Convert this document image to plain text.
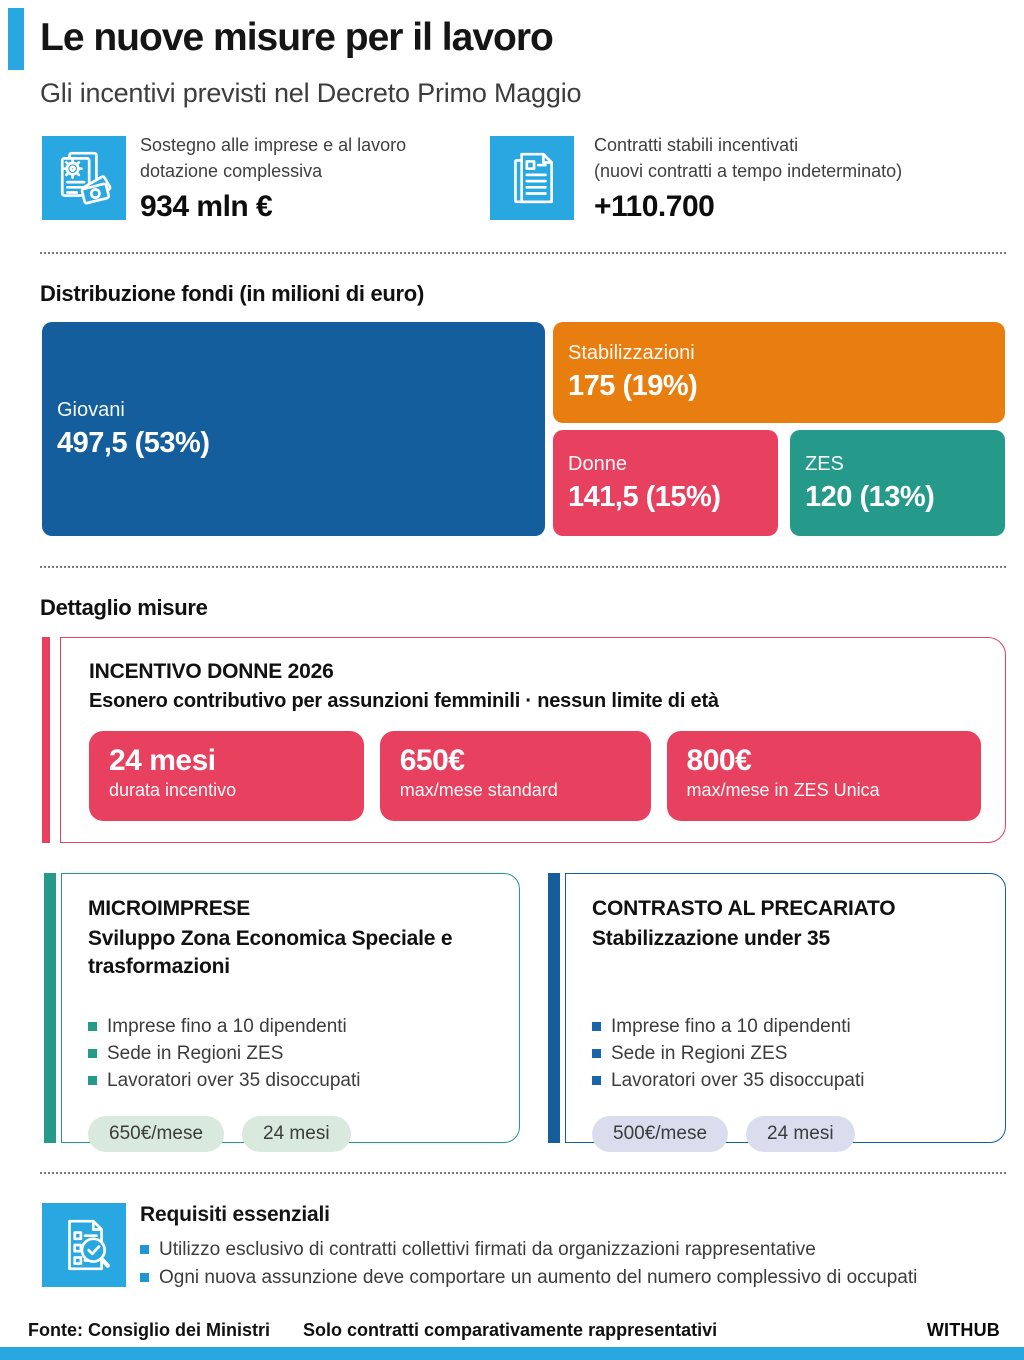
Le nuove misure per il lavoro
Gli incentivi previsti nel Decreto Primo Maggio
Sostegno alle imprese e al lavoro
dotazione complessiva
934 mln €
Contratti stabili incentivati
(nuovi contratti a tempo indeterminato)
+110.700
Distribuzione fondi (in milioni di euro)
Giovani
497,5 (53%)
Stabilizzazioni
175 (19%)
Donne
141,5 (15%)
ZES
120 (13%)
Dettaglio misure
INCENTIVO DONNE 2026
Esonero contributivo per assunzioni femminili · nessun limite di età
24 mesi
durata incentivo
650€
max/mese standard
800€
max/mese in ZES Unica
MICROIMPRESE
Sviluppo Zona Economica Speciale e trasformazioni
Imprese fino a 10 dipendenti
Sede in Regioni ZES
Lavoratori over 35 disoccupati
650€/mese	24 mesi
CONTRASTO AL PRECARIATO
Stabilizzazione under 35
Imprese fino a 10 dipendenti
Sede in Regioni ZES
Lavoratori over 35 disoccupati
500€/mese	24 mesi
Requisiti essenziali
Utilizzo esclusivo di contratti collettivi firmati da organizzazioni rappresentative
Ogni nuova assunzione deve comportare un aumento del numero complessivo di occupati
Fonte: Consiglio dei Ministri Solo contratti comparativamente rappresentativi	WITHUB
